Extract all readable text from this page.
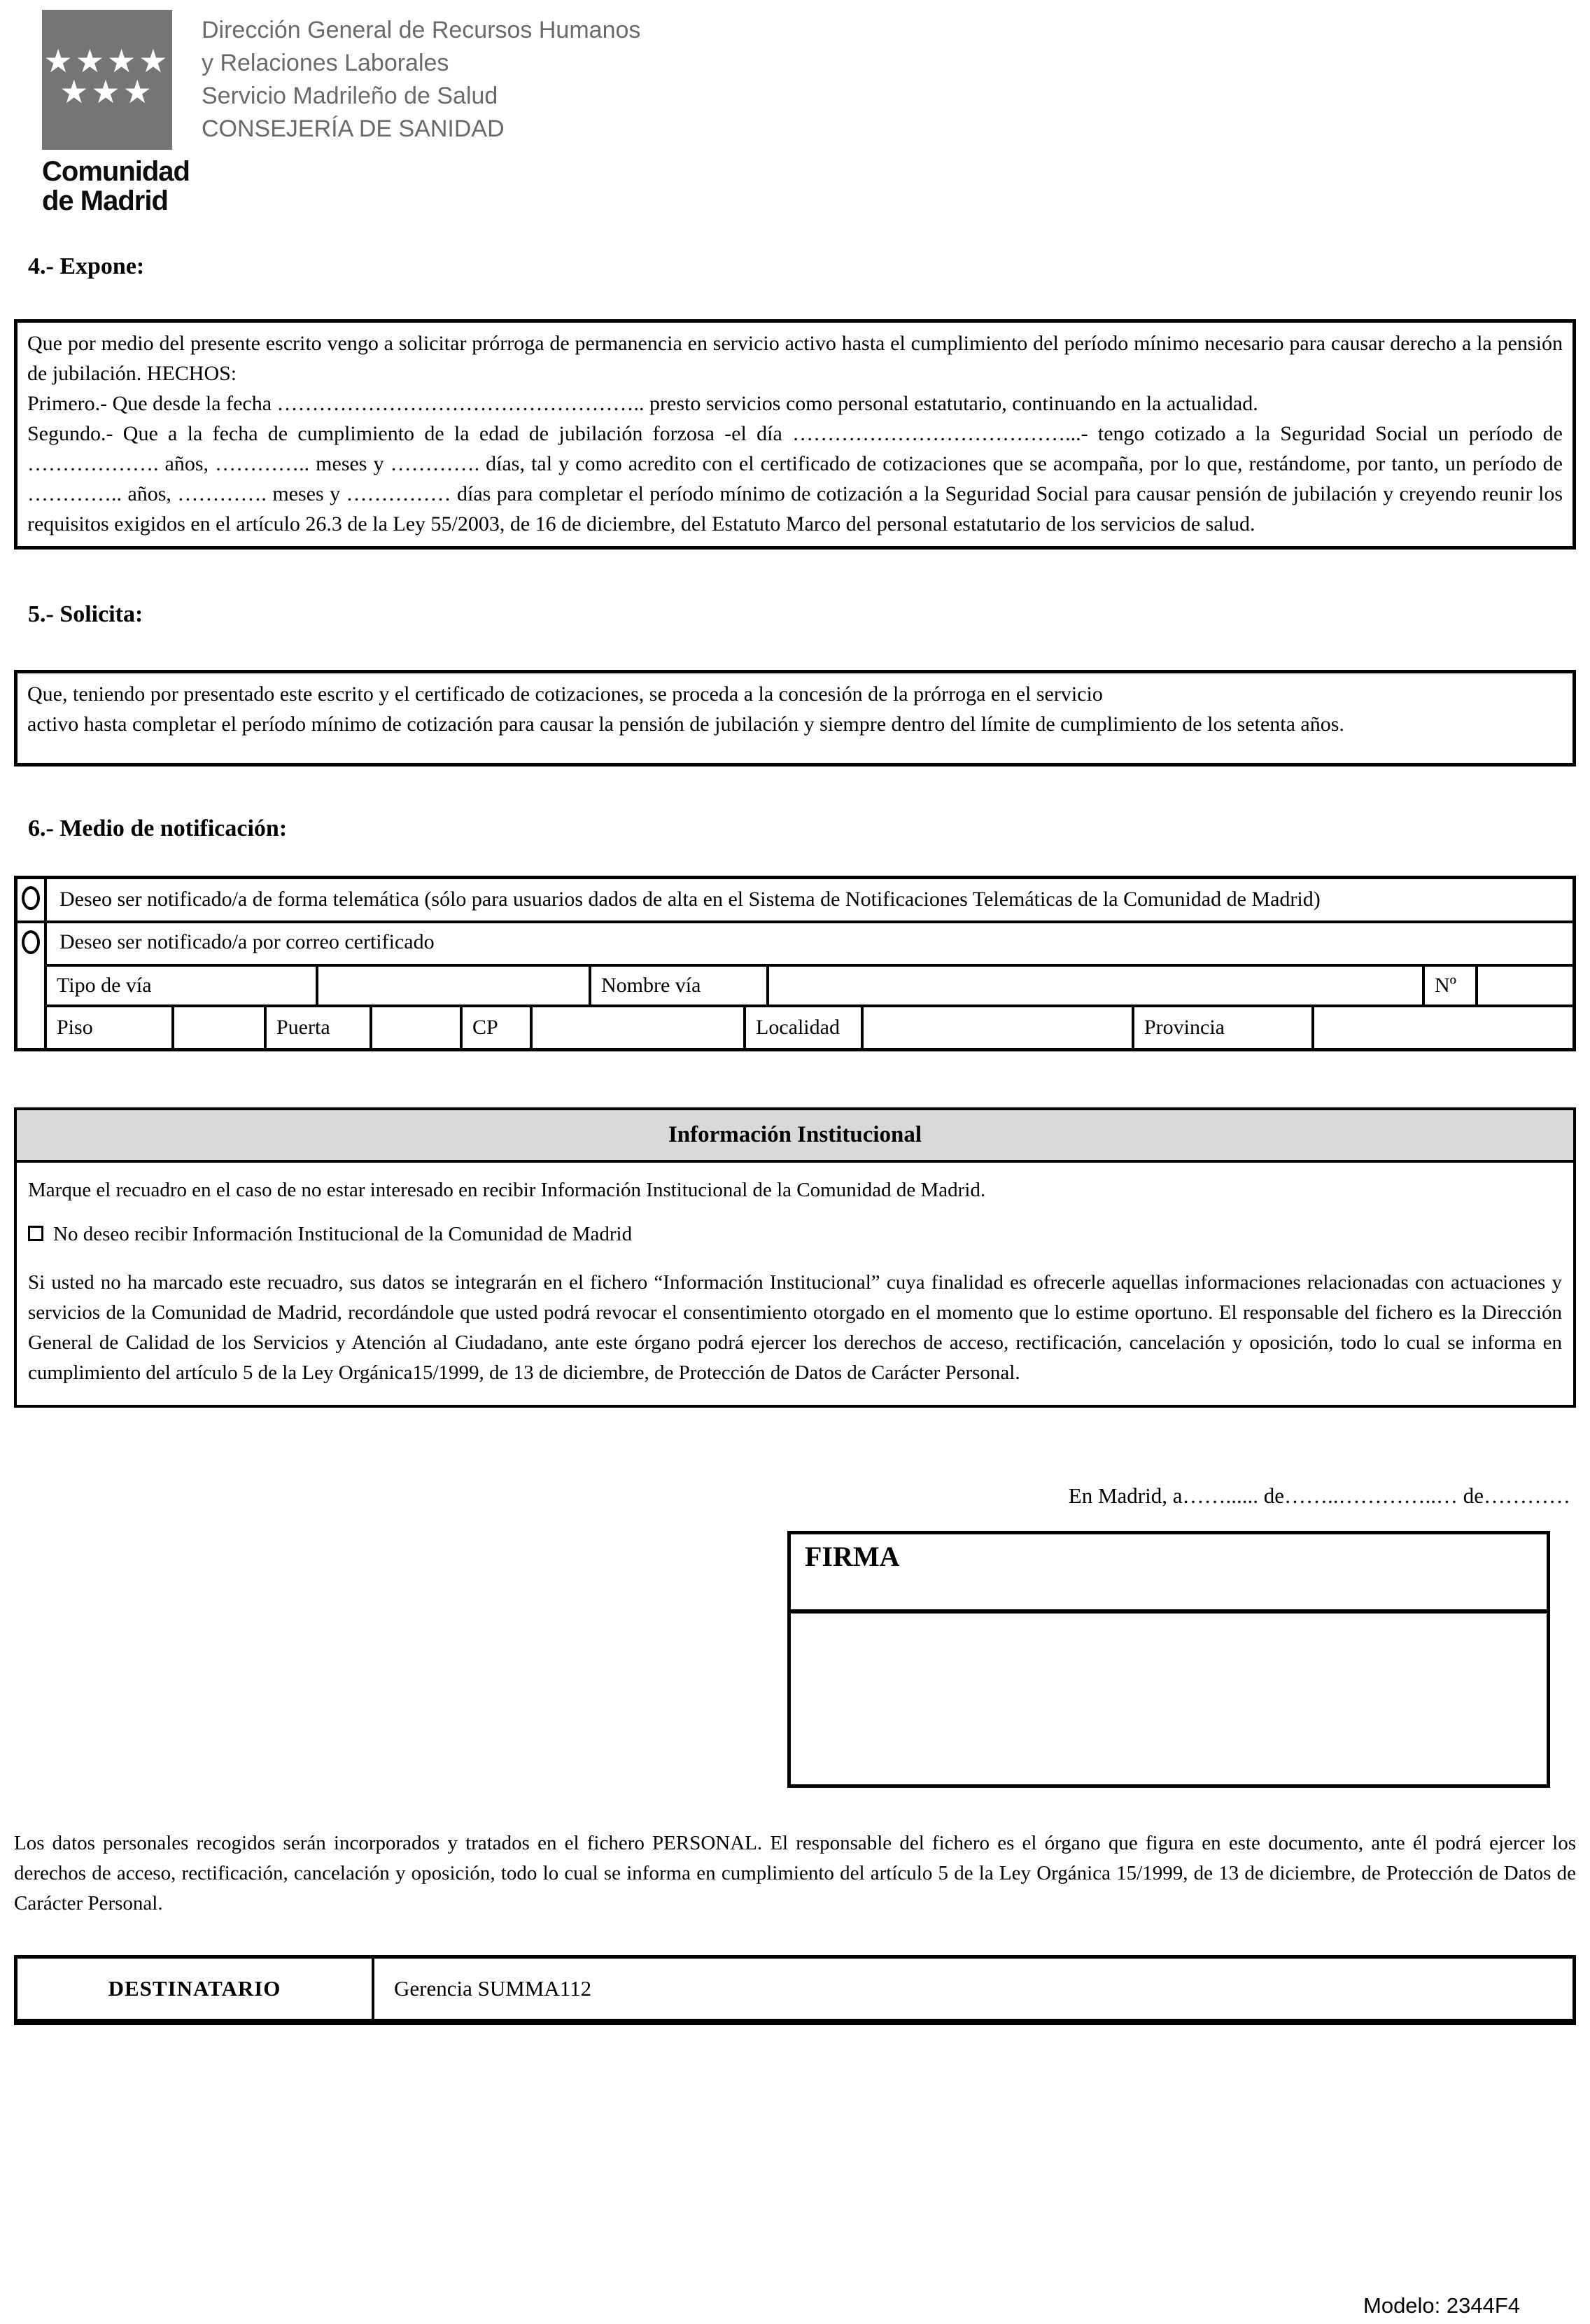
★★★★
★★★
Comunidad
de Madrid
Dirección General de Recursos Humanos
y Relaciones Laborales
Servicio Madrileño de Salud
CONSEJERÍA DE SANIDAD
4.- Expone:

Que por medio del presente escrito vengo a solicitar prórroga de permanencia en servicio activo hasta el cumplimiento del período mínimo necesario para causar derecho a la pensión de jubilación. HECHOS:

Primero.- Que desde la fecha …………………………………………….. presto servicios como personal estatutario, continuando en la actualidad.

Segundo.- Que a la fecha de cumplimiento de la edad de jubilación forzosa -el día …………………………………...- tengo cotizado a la Seguridad Social un período de ………………. años, ………….. meses y …………. días, tal y como acredito con el certificado de cotizaciones que se acompaña, por lo que, restándome, por tanto, un período de ………….. años, …………. meses y …………… días para completar el período mínimo de cotización a la Seguridad Social para causar pensión de jubilación y creyendo reunir los requisitos exigidos en el artículo 26.3 de la Ley 55/2003, de 16 de diciembre, del Estatuto Marco del personal estatutario de los servicios de salud.

5.- Solicita:

Que, teniendo por presentado este escrito y el certificado de cotizaciones, se proceda a la concesión de la prórroga en el servicio

activo hasta completar el período mínimo de cotización para causar la pensión de jubilación y siempre dentro del límite de cumplimiento de los setenta años.

6.- Medio de notificación:
Deseo ser notificado/a de forma telemática (sólo para usuarios dados de alta en el Sistema de Notificaciones Telemáticas de la Comunidad de Madrid)
Deseo ser notificado/a por correo certificado
Tipo de vía	Nombre vía	Nº
Piso	Puerta	CP	Localidad	Provincia
Información Institucional

Marque el recuadro en el caso de no estar interesado en recibir Información Institucional de la Comunidad de Madrid.

No deseo recibir Información Institucional de la Comunidad de Madrid

Si usted no ha marcado este recuadro, sus datos se integrarán en el fichero “Información Institucional” cuya finalidad es ofrecerle aquellas informaciones relacionadas con actuaciones y servicios de la Comunidad de Madrid, recordándole que usted podrá revocar el consentimiento otorgado en el momento que lo estime oportuno. El responsable del fichero es la Dirección General de Calidad de los Servicios y Atención al Ciudadano, ante este órgano podrá ejercer los derechos de acceso, rectificación, cancelación y oposición, todo lo cual se informa en cumplimiento del artículo 5 de la Ley Orgánica15/1999, de 13 de diciembre, de Protección de Datos de Carácter Personal.

En Madrid, a……...... de……..…………..… de…………
FIRMA

Los datos personales recogidos serán incorporados y tratados en el fichero PERSONAL. El responsable del fichero es el órgano que figura en este documento, ante él podrá ejercer los derechos de acceso, rectificación, cancelación y oposición, todo lo cual se informa en cumplimiento del artículo 5 de la Ley Orgánica 15/1999, de 13 de diciembre, de Protección de Datos de Carácter Personal.

DESTINATARIO	Gerencia SUMMA112
Modelo: 2344F4
